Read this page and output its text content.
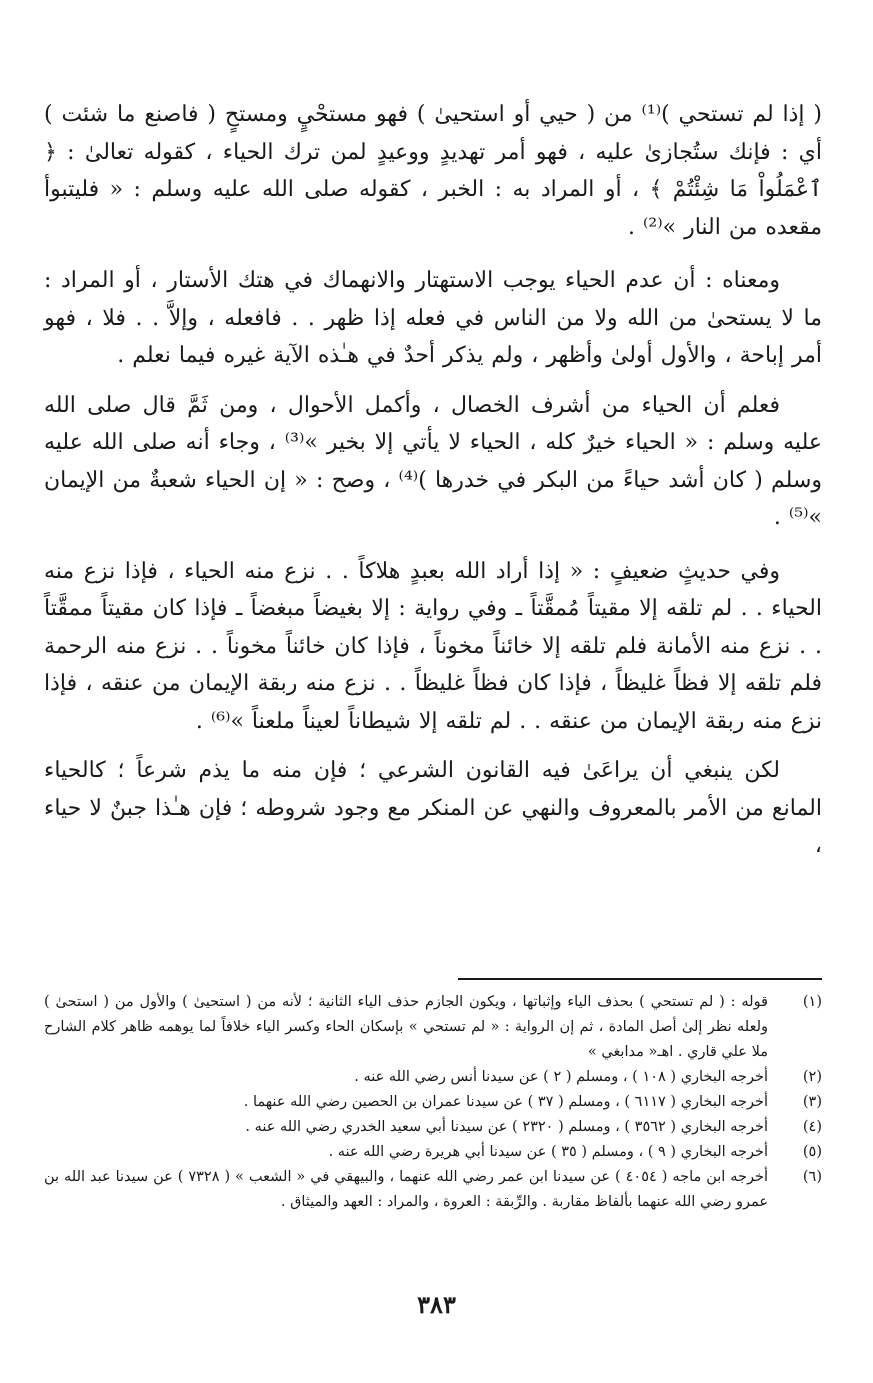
( إذا لم تستحي )⁽¹⁾ من ( حيي أو استحيىٰ ) فهو مستحْيٍ ومستحٍ ( فاصنع ما شئت ) أي : فإنك ستُجازىٰ عليه ، فهو أمر تهديدٍ ووعيدٍ لمن ترك الحياء ، كقوله تعالىٰ : ﴿ ٱعْمَلُواْ مَا شِئْتُمْ ﴾ ، أو المراد به : الخبر ، كقوله صلى الله عليه وسلم : « فليتبوأ مقعده من النار »⁽²⁾ .

ومعناه : أن عدم الحياء يوجب الاستهتار والانهماك في هتك الأستار ، أو المراد : ما لا يستحىٰ من الله ولا من الناس في فعله إذا ظهر . . فافعله ، وإلاَّ . . فلا ، فهو أمر إباحة ، والأول أولىٰ وأظهر ، ولم يذكر أحدٌ في هـٰذه الآية غيره فيما نعلم .

فعلم أن الحياء من أشرف الخصال ، وأكمل الأحوال ، ومن ثَمَّ قال صلى الله عليه وسلم : « الحياء خيرٌ كله ، الحياء لا يأتي إلا بخير »⁽³⁾ ، وجاء أنه صلى الله عليه وسلم ( كان أشد حياءً من البكر في خدرها )⁽⁴⁾ ، وصح : « إن الحياء شعبةٌ من الإيمان »⁽⁵⁾ .

وفي حديثٍ ضعيفٍ : « إذا أراد الله بعبدٍ هلاكاً . . نزع منه الحياء ، فإذا نزع منه الحياء . . لم تلقه إلا مقيتاً مُمقَّتاً ـ وفي رواية : إلا بغيضاً مبغضاً ـ فإذا كان مقيتاً ممقَّتاً . . نزع منه الأمانة فلم تلقه إلا خائناً مخوناً ، فإذا كان خائناً مخوناً . . نزع منه الرحمة فلم تلقه إلا فظاً غليظاً ، فإذا كان فظاً غليظاً . . نزع منه ربقة الإيمان من عنقه ، فإذا نزع منه ربقة الإيمان من عنقه . . لم تلقه إلا شيطاناً لعيناً ملعناً »⁽⁶⁾ .

لكن ينبغي أن يراعَىٰ فيه القانون الشرعي ؛ فإن منه ما يذم شرعاً ؛ كالحياء المانع من الأمر بالمعروف والنهي عن المنكر مع وجود شروطه ؛ فإن هـٰذا جبنٌ لا حياء ،

(١)
قوله : ( لم تستحي ) بحذف الياء وإثباتها ، ويكون الجازم حذف الياء الثانية ؛ لأنه من ( استحيىٰ ) والأول من ( استحىٰ ) ولعله نظر إلىٰ أصل المادة ، ثم إن الرواية : « لم تستحي » بإسكان الحاء وكسر الياء خلافاً لما يوهمه ظاهر كلام الشارح ملا علي قاري . اهـ« مدابغي »
(٢)
أخرجه البخاري ( ١٠٨ ) ، ومسلم ( ٢ ) عن سيدنا أنس رضي الله عنه .
(٣)
أخرجه البخاري ( ٦١١٧ ) ، ومسلم ( ٣٧ ) عن سيدنا عمران بن الحصين رضي الله عنهما .
(٤)
أخرجه البخاري ( ٣٥٦٢ ) ، ومسلم ( ٢٣٢٠ ) عن سيدنا أبي سعيد الخدري رضي الله عنه .
(٥)
أخرجه البخاري ( ٩ ) ، ومسلم ( ٣٥ ) عن سيدنا أبي هريرة رضي الله عنه .
(٦)
أخرجه ابن ماجه ( ٤٠٥٤ ) عن سيدنا ابن عمر رضي الله عنهما ، والبيهقي في « الشعب » ( ٧٣٢٨ ) عن سيدنا عبد الله بن عمرو رضي الله عنهما بألفاظ مقاربة . والرِّبقة : العروة ، والمراد : العهد والميثاق .
٣٨٣
